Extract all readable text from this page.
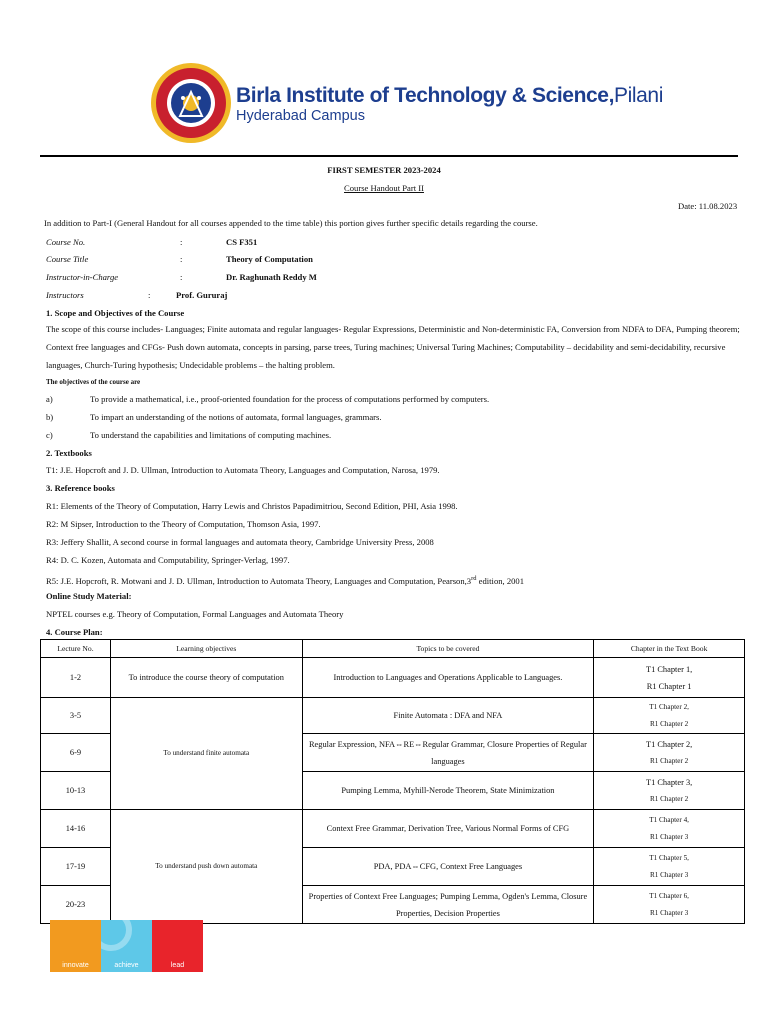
Birla Institute of Technology & Science,Pilani
Hyderabad Campus
FIRST SEMESTER 2023-2024
Course Handout Part II
Date: 11.08.2023
In addition to Part-I (General Handout for all courses appended to the time table) this portion gives further specific details regarding the course.
Course No.	:	CS F351
Course Title	:	Theory of Computation
Instructor-in-Charge	:	Dr. Raghunath Reddy M
Instructors	:	Prof. Gururaj
1. Scope and Objectives of the Course
The scope of this course includes- Languages; Finite automata and regular languages- Regular Expressions, Deterministic and Non-deterministic FA, Conversion from NDFA to DFA, Pumping theorem; Context free languages and CFGs- Push down automata, concepts in parsing, parse trees, Turing machines; Universal Turing Machines; Computability – decidability and semi-decidability, recursive languages, Church-Turing hypothesis; Undecidable problems – the halting problem.
The objectives of the course are
a)	To provide a mathematical, i.e., proof-oriented foundation for the process of computations performed by computers.
b)	To impart an understanding of the notions of automata, formal languages, grammars.
c)	To understand the capabilities and limitations of computing machines.
2. Textbooks
T1: J.E. Hopcroft and J. D. Ullman, Introduction to Automata Theory, Languages and Computation, Narosa, 1979.
3. Reference books
R1: Elements of the Theory of Computation, Harry Lewis and Christos Papadimitriou, Second Edition, PHI, Asia 1998.
R2: M Sipser, Introduction to the Theory of Computation, Thomson Asia, 1997.
R3: Jeffery Shallit, A second course in formal languages and automata theory, Cambridge University Press, 2008
R4: D. C. Kozen, Automata and Computability, Springer-Verlag, 1997.
R5: J.E. Hopcroft, R. Motwani and J. D. Ullman, Introduction to Automata Theory, Languages and Computation, Pearson,3rd edition, 2001
Online Study Material:
NPTEL courses e.g. Theory of Computation, Formal Languages and Automata Theory
4. Course Plan:
Lecture No.	Learning objectives	Topics to be covered	Chapter in the Text Book
1-2	To introduce the course theory of computation	Introduction to Languages and Operations Applicable to Languages.	T1 Chapter 1,
R1 Chapter 1

3-5	To understand finite automata	Finite Automata : DFA and NFA	T1 Chapter 2,
R1 Chapter 2

6-9		Regular Expression, NFA⇔RE⇔Regular Grammar, Closure Properties of Regular languages	T1 Chapter 2,
R1 Chapter 2

10-13		Pumping Lemma, Myhill-Nerode Theorem, State Minimization	T1 Chapter 3,
R1 Chapter 2

14-16	To understand push down automata	Context Free Grammar, Derivation Tree, Various Normal Forms of CFG	T1 Chapter 4,
R1 Chapter 3

17-19		PDA, PDA⇔CFG, Context Free Languages	T1 Chapter 5,
R1 Chapter 3

20-23		Properties of Context Free Languages; Pumping Lemma, Ogden's Lemma, Closure Properties, Decision Properties	T1 Chapter 6,
R1 Chapter 3
innovate	achieve	lead
